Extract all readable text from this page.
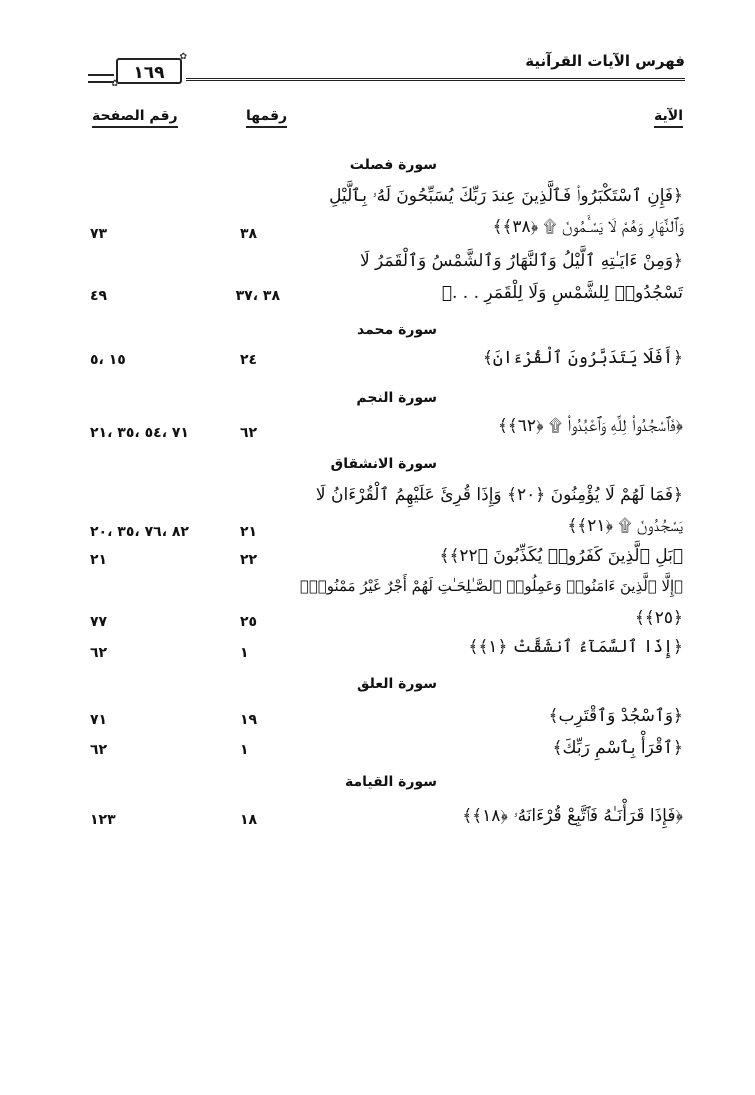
فهرس الآيات القرآنية
✿ ١٦٩ ✿
الآية
رقمها
رقم الصفحة
سورة فصلت
﴿فَإِنِ ٱسْتَكْبَرُوا۟ فَٱلَّذِينَ عِندَ رَبِّكَ يُسَبِّحُونَ لَهُۥ بِٱلَّيْلِ
وَٱلنَّهَارِ وَهُمْ لَا يَسْـَٔمُونَ ۩ ﴿٣٨﴾﴾
٣٨
٧٣
﴿وَمِنْ ءَايَـٰتِهِ ٱلَّيْلُ وَٱلنَّهَارُ وَٱلشَّمْسُ وَٱلْقَمَرُ لَا
تَسْجُدُوا۟ لِلشَّمْسِ وَلَا لِلْقَمَرِ . . .﴾
٣٨ ،٣٧
٤٩
سورة محمد
﴿أَفَلَا يَتَدَبَّرُونَ ٱلْقُرْءَانَ﴾
٢٤
١٥ ،٥
سورة النجم
﴿فَٱسْجُدُوا۟ لِلَّهِ وَٱعْبُدُوا۟ ۩ ﴿٦٢﴾﴾
٦٢
٧١ ،٥٤ ،٣٥ ،٢١
سورة الانشقاق
﴿فَمَا لَهُمْ لَا يُؤْمِنُونَ ﴿٢٠﴾ وَإِذَا قُرِئَ عَلَيْهِمُ ٱلْقُرْءَانُ لَا
يَسْجُدُونَ ۩ ﴿٢١﴾﴾
٢١
٨٢ ،٧٦ ،٣٥ ،٢٠
﴿بَلِ ٱلَّذِينَ كَفَرُوا۟ يُكَذِّبُونَ ﴿٢٢﴾﴾
٢٢
٢١
﴿إِلَّا ٱلَّذِينَ ءَامَنُوا۟ وَعَمِلُوا۟ ٱلصَّـٰلِحَـٰتِ لَهُمْ أَجْرٌ غَيْرُ مَمْنُونٍۭ
﴿٢٥﴾﴾
٢٥
٧٧
﴿إِذَا ٱلسَّمَآءُ ٱنشَقَّتْ ﴿١﴾﴾
١
٦٢
سورة العلق
﴿وَٱسْجُدْ وَٱقْتَرِب﴾
١٩
٧١
﴿ٱقْرَأْ بِٱسْمِ رَبِّكَ﴾
١
٦٢
سورة القيامة
﴿فَإِذَا قَرَأْنَـٰهُ فَٱتَّبِعْ قُرْءَانَهُۥ ﴿١٨﴾﴾
١٨
١٢٣
